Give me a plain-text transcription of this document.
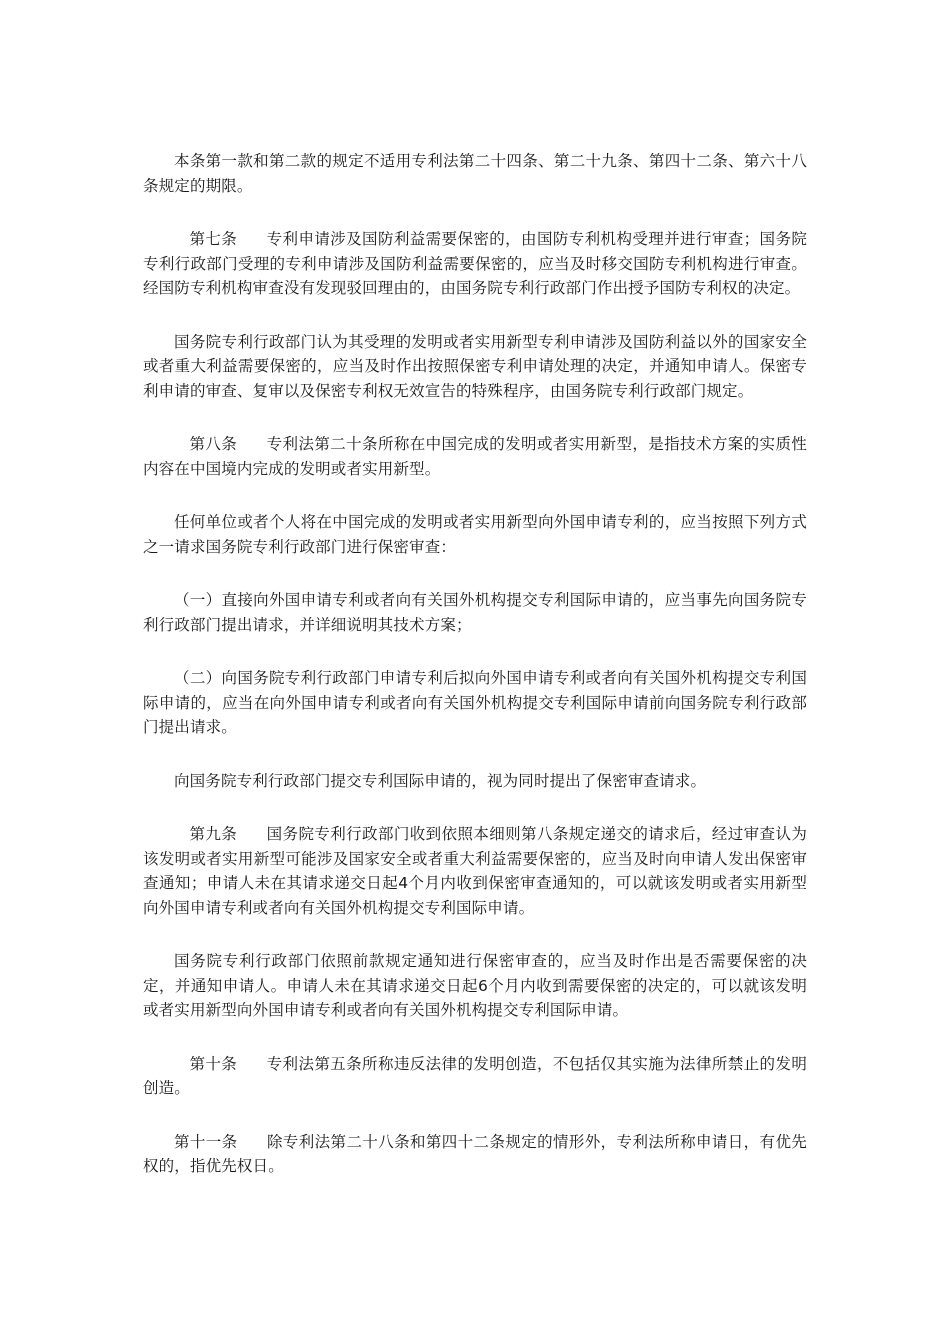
本条第一款和第二款的规定不适用专利法第二十四条、第二十九条、第四十二条、第六十八条规定的期限。

第七条 专利申请涉及国防利益需要保密的，由国防专利机构受理并进行审查；国务院专利行政部门受理的专利申请涉及国防利益需要保密的，应当及时移交国防专利机构进行审查。经国防专利机构审查没有发现驳回理由的，由国务院专利行政部门作出授予国防专利权的决定。

国务院专利行政部门认为其受理的发明或者实用新型专利申请涉及国防利益以外的国家安全或者重大利益需要保密的，应当及时作出按照保密专利申请处理的决定，并通知申请人。保密专利申请的审查、复审以及保密专利权无效宣告的特殊程序，由国务院专利行政部门规定。

第八条 专利法第二十条所称在中国完成的发明或者实用新型，是指技术方案的实质性内容在中国境内完成的发明或者实用新型。

任何单位或者个人将在中国完成的发明或者实用新型向外国申请专利的，应当按照下列方式之一请求国务院专利行政部门进行保密审查：

（一）直接向外国申请专利或者向有关国外机构提交专利国际申请的，应当事先向国务院专利行政部门提出请求，并详细说明其技术方案；

（二）向国务院专利行政部门申请专利后拟向外国申请专利或者向有关国外机构提交专利国际申请的，应当在向外国申请专利或者向有关国外机构提交专利国际申请前向国务院专利行政部门提出请求。

向国务院专利行政部门提交专利国际申请的，视为同时提出了保密审查请求。

第九条 国务院专利行政部门收到依照本细则第八条规定递交的请求后，经过审查认为该发明或者实用新型可能涉及国家安全或者重大利益需要保密的，应当及时向申请人发出保密审查通知；申请人未在其请求递交日起4个月内收到保密审查通知的，可以就该发明或者实用新型向外国申请专利或者向有关国外机构提交专利国际申请。

国务院专利行政部门依照前款规定通知进行保密审查的，应当及时作出是否需要保密的决定，并通知申请人。申请人未在其请求递交日起6个月内收到需要保密的决定的，可以就该发明或者实用新型向外国申请专利或者向有关国外机构提交专利国际申请。

第十条 专利法第五条所称违反法律的发明创造，不包括仅其实施为法律所禁止的发明创造。

第十一条 除专利法第二十八条和第四十二条规定的情形外，专利法所称申请日，有优先权的，指优先权日。
